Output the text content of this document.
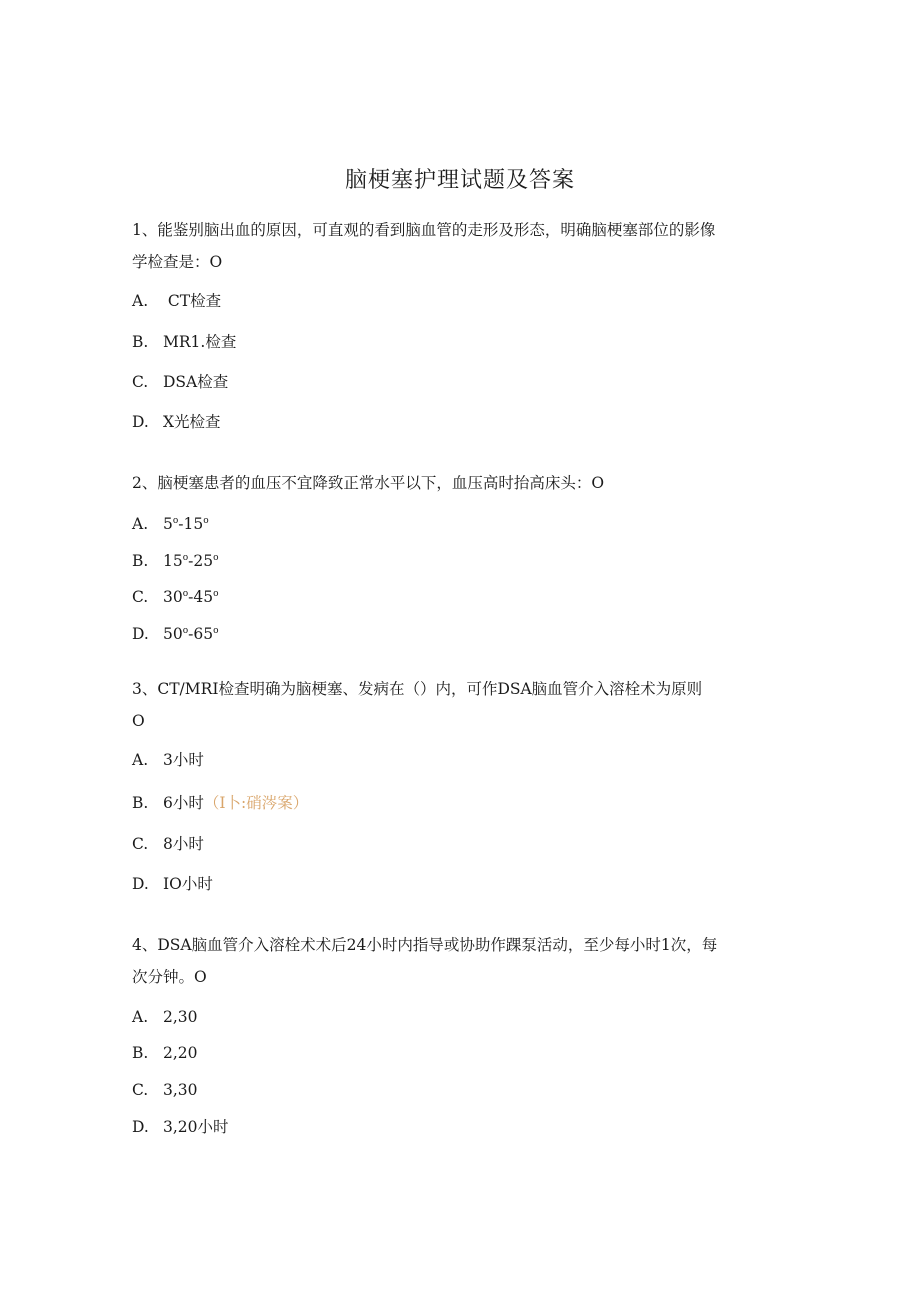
脑梗塞护理试题及答案
1、能鉴别脑出血的原因，可直观的看到脑血管的走形及形态，明确脑梗塞部位的影像
学检查是：O
A. CT检查
B. MR1.检查
C. DSA检查
D. X光检查
2、脑梗塞患者的血压不宜降致正常水平以下，血压高时抬高床头：O
A. 5$^o$-15$^o$
B. 15$^o$-25$^o$
C. 30$^o$-45$^o$
D. 50$^o$-65$^o$
3、CT/MRI检查明确为脑梗塞、发病在（）内，可作DSA脑血管介入溶栓术为原则
O
A. 3小时
B. 6小时（I卜:硝涔案）
C. 8小时
D. IO小时
4、DSA脑血管介入溶栓术术后24小时内指导或协助作踝泵活动，至少每小时1次，每
次分钟。O
A. 2,30
B. 2,20
C. 3,30
D. 3,20小时
